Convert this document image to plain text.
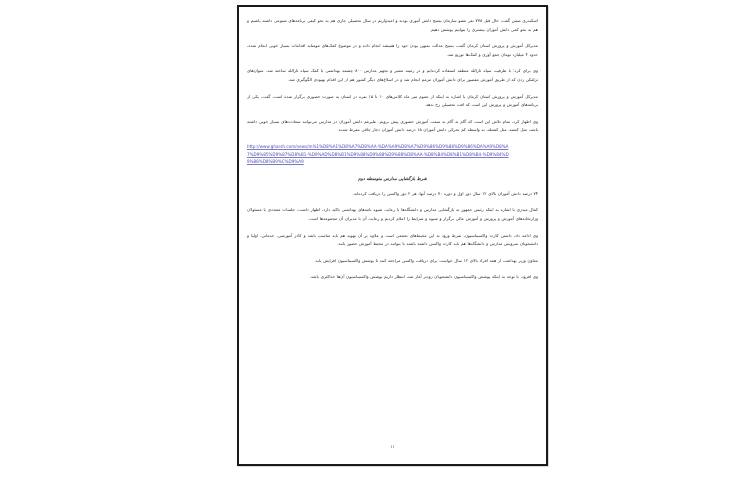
اسکندری ضمن گفت، حال قبل ۷۷۸ نفر عضو سازمان بسیج دانش آموزی بودند و امیدواریم در سال تحصیلی جاری هم به نحو کیفی برنامه‌های متنوعی داشته باشیم و هم به نحو کمی دانش آموزان بیشتری را بتوانیم پوشش دهیم.

مدیرکل آموزش و پرورش استان کرمان گفت، بسیج عدالت بمیهن بودن خود را همیشه انجام داده و در موضوع کمک‌های مومنانه اقدامات بسیار خوبی انجام شده، حدود ۴ میلیارد تومان جمع آوری و کمک‌ها توزیع شد.

وی برای کرد: با ظرفیت سپاه ثارالله منطقه استفاده کرده‌ایم و در زمینه تعمیر و تجهیز مدارس ۸۰۰ چشمه بهداشتی با کمک سپاه ثارالله ساخته شد. عنوان‌های تزلفکن زدن که از طریق آموزش مقصور برای دانش آموزان مزمم انجام شد و در اسلاع‌های دیگر کشور هم از این اقدام بهبودی الگوگیری شد.

مدیرکل آموزش و پرورش استان کرمان با اشاره به اینکه از عموم میر ماه کلاس‌های ۱۰ تا ۱۵ نفره در استان به صورت حضوری برگزار شده است، گفت، یکی از برنامه‌های آموزش و پرورش این است که افت تحصیلی رخ ندهد.

وی اظهار کرد، تمام تلاش این است که گام به گام به سمت آموزش حضوری پیش برویم. علیرغم دانش آموزان در مدارس می‌توانند سعادت‌های بسیار خوبی داشته باشد، مثل کشته، مثل کشتله، به واسطه کم تحرکی دانش آموزان ۱۵ درصد دانش آموزان دچار چاقی مفرط شدند.

http://www.gharsh.com/news/m%1%D8%A1%D8%A7%D8%AA-%DA%A9%D8%A7%D9%86%D9%88%D9%86%DA%A9%D8%A7%D9%85%D9%87%D8%B1-%D9%AD%D8%B1%D9%88%D9%88%D9%88%D8%AA-%D8%B4%D8%B1%D8%B4-%D9%84%D9%88%D8%B9%C%D9%A9
شرط بازگشایی مدارس متوسطه دوم

۷۴ درصد دانش آموزان بالای ۱۲ سال دوز اول و دوره ۷۰ درصد آنها، هر ۲ دوز واکسن را دریافت کرده‌اند.

کمال میدری با اشاره به اینکه رئیس جمهور به بازگشایی مدارس و دانشگاه‌ها با رعایت شیوه نامه‌های بهداشتی تاکید دارد، اظهار داشت، جلسات متعددی با مسئولان وزارتخانه‌های آموزش و پرورش و آموزش عالی برگزار و شیوه و شرایط را اعلام کردیم و رعایت آن با مدیران آن مجموعه‌ها است.

وی ادامه داد، داشتن کارت واکسیناسیون، شرط ورود به این محیط‌های تجمعی است و علاوه بر آن تهویه هم باید مناسب باشد و کادر آموزشی، خدماتی، اولیا و دانشجویان سرویس مدارس و دانشگاه‌ها هم باید کارت واکسن داشته باشند تا بتوانند در محیط آموزش حضور یابند.

معاون وزیر بهداشت از همه افراد بالای ۱۲ سال خواست برای دریافت واکسن مراجعه کنند تا پوشش واکسیناسیون افزایش یابد.

وی افزود، با توجه به اینکه پوشش واکسیناسیون دانشجویان زودتر آغاز شد، انتظار داریم پوشش واکسیناسیون آن‌ها حداکثری باشد.

۱۱
